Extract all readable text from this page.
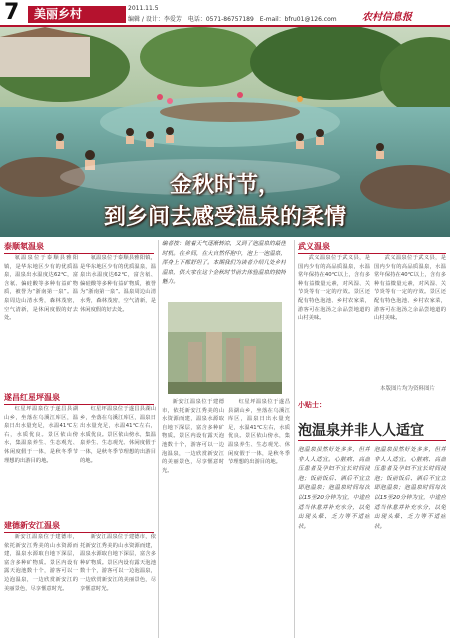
7	美丽乡村	2011.11.5
编辑 / 设计：李爱芳　电话：0571-86757189　E-mail：bfru01@126.com	农村信息报
金秋时节，
到乡间去感受温泉的柔情
编者按：随着天气逐渐转凉，又到了泡温泉的最佳时机。在乡间，在大自然怀抱中，泡上一泡温泉，浑身上下都舒坦了。本期我们为读者介绍几处乡村温泉，供大家在这个金秋时节前去体验温泉的独特魅力。
泰顺氡温泉

氡温泉位于泰顺县雅阳镇，是华东地区少有的优质温泉，温泉出水温度达62℃，富含氡、偏硅酸等多种有益矿物质，被誉为“浙南第一泉”。温泉周边山清水秀，森林茂密，空气清新，是休闲度假的好去处。

氡温泉位于泰顺县雅阳镇，是华东地区少有的优质温泉，温泉出水温度达62℃，富含氡、偏硅酸等多种有益矿物质，被誉为“浙南第一泉”。温泉周边山清水秀，森林茂密，空气清新，是休闲度假的好去处。

遂昌红星坪温泉

红星坪温泉位于遂昌县湖山乡，坐落在乌溪江库区，温泉日出水量充足，水温41℃左右，水质优良。景区依山傍水，集温泉养生、生态观光、休闲度假于一体，是秋冬季节理想的出游目的地。

红星坪温泉位于遂昌县湖山乡，坐落在乌溪江库区，温泉日出水量充足，水温41℃左右，水质优良。景区依山傍水，集温泉养生、生态观光、休闲度假于一体，是秋冬季节理想的出游目的地。

建德新安江温泉

新安江温泉位于建德市，依托新安江秀美的山水资源而建，温泉水源取自地下深层，富含多种矿物质。景区内设有露天泡池数十个，游客可以一边泡温泉，一边欣赏新安江的美丽景色，尽享惬意时光。

新安江温泉位于建德市，依托新安江秀美的山水资源而建，温泉水源取自地下深层，富含多种矿物质。景区内设有露天泡池数十个，游客可以一边泡温泉，一边欣赏新安江的美丽景色，尽享惬意时光。

新安江温泉位于建德市，依托新安江秀美的山水资源而建，温泉水源取自地下深层，富含多种矿物质。景区内设有露天泡池数十个，游客可以一边泡温泉，一边欣赏新安江的美丽景色，尽享惬意时光。

红星坪温泉位于遂昌县湖山乡，坐落在乌溪江库区，温泉日出水量充足，水温41℃左右，水质优良。景区依山傍水，集温泉养生、生态观光、休闲度假于一体，是秋冬季节理想的出游目的地。

武义温泉

武义温泉位于武义县，是国内少有的高品质温泉，水温常年保持在40℃以上，含有多种有益微量元素，对风湿、关节炎等有一定的疗效。景区还配有特色泡池、乡村农家菜，游客可在泡汤之余品尝地道的山村美味。

武义温泉位于武义县，是国内少有的高品质温泉，水温常年保持在40℃以上，含有多种有益微量元素，对风湿、关节炎等有一定的疗效。景区还配有特色泡池、乡村农家菜，游客可在泡汤之余品尝地道的山村美味。

本版图片均为资料图片
小贴士：
泡温泉并非人人适宜
泡温泉虽然好处多多，但并非人人适宜。心脏病、高血压患者及孕妇不宜长时间浸泡；饭前饭后、酒后不宜立即泡温泉；泡温泉时间每次以15至20分钟为宜，中途应适当休息并补充水分，以免出现头晕、乏力等不适症状。
泡温泉虽然好处多多，但并非人人适宜。心脏病、高血压患者及孕妇不宜长时间浸泡；饭前饭后、酒后不宜立即泡温泉；泡温泉时间每次以15至20分钟为宜，中途应适当休息并补充水分，以免出现头晕、乏力等不适症状。
